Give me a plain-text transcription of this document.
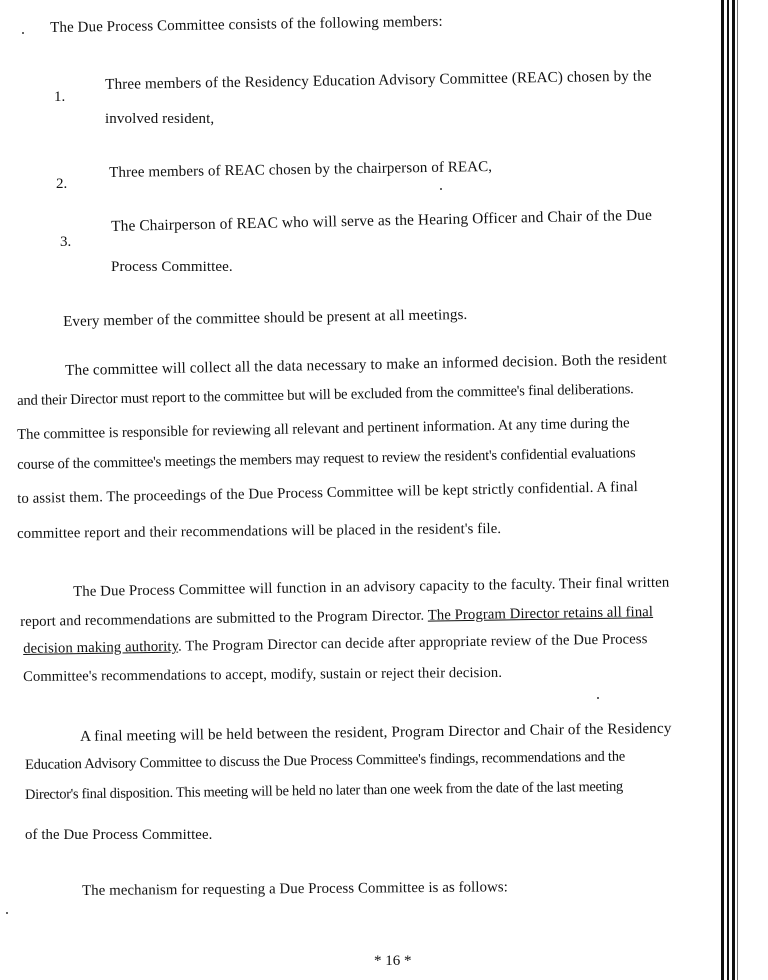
The Due Process Committee consists of the following members:
1.
Three members of the Residency Education Advisory Committee (REAC) chosen by the
involved resident,
2.
Three members of REAC chosen by the chairperson of REAC,
3.
The Chairperson of REAC who will serve as the Hearing Officer and Chair of the Due
Process Committee.
Every member of the committee should be present at all meetings.
The committee will collect all the data necessary to make an informed decision. Both the resident
and their Director must report to the committee but will be excluded from the committee's final deliberations.
The committee is responsible for reviewing all relevant and pertinent information. At any time during the
course of the committee's meetings the members may request to review the resident's confidential evaluations
to assist them. The proceedings of the Due Process Committee will be kept strictly confidential. A final
committee report and their recommendations will be placed in the resident's file.
The Due Process Committee will function in an advisory capacity to the faculty. Their final written
report and recommendations are submitted to the Program Director. The Program Director retains all final
decision making authority. The Program Director can decide after appropriate review of the Due Process
Committee's recommendations to accept, modify, sustain or reject their decision.
A final meeting will be held between the resident, Program Director and Chair of the Residency
Education Advisory Committee to discuss the Due Process Committee's findings, recommendations and the
Director's final disposition. This meeting will be held no later than one week from the date of the last meeting
of the Due Process Committee.
The mechanism for requesting a Due Process Committee is as follows:
* 16 *
